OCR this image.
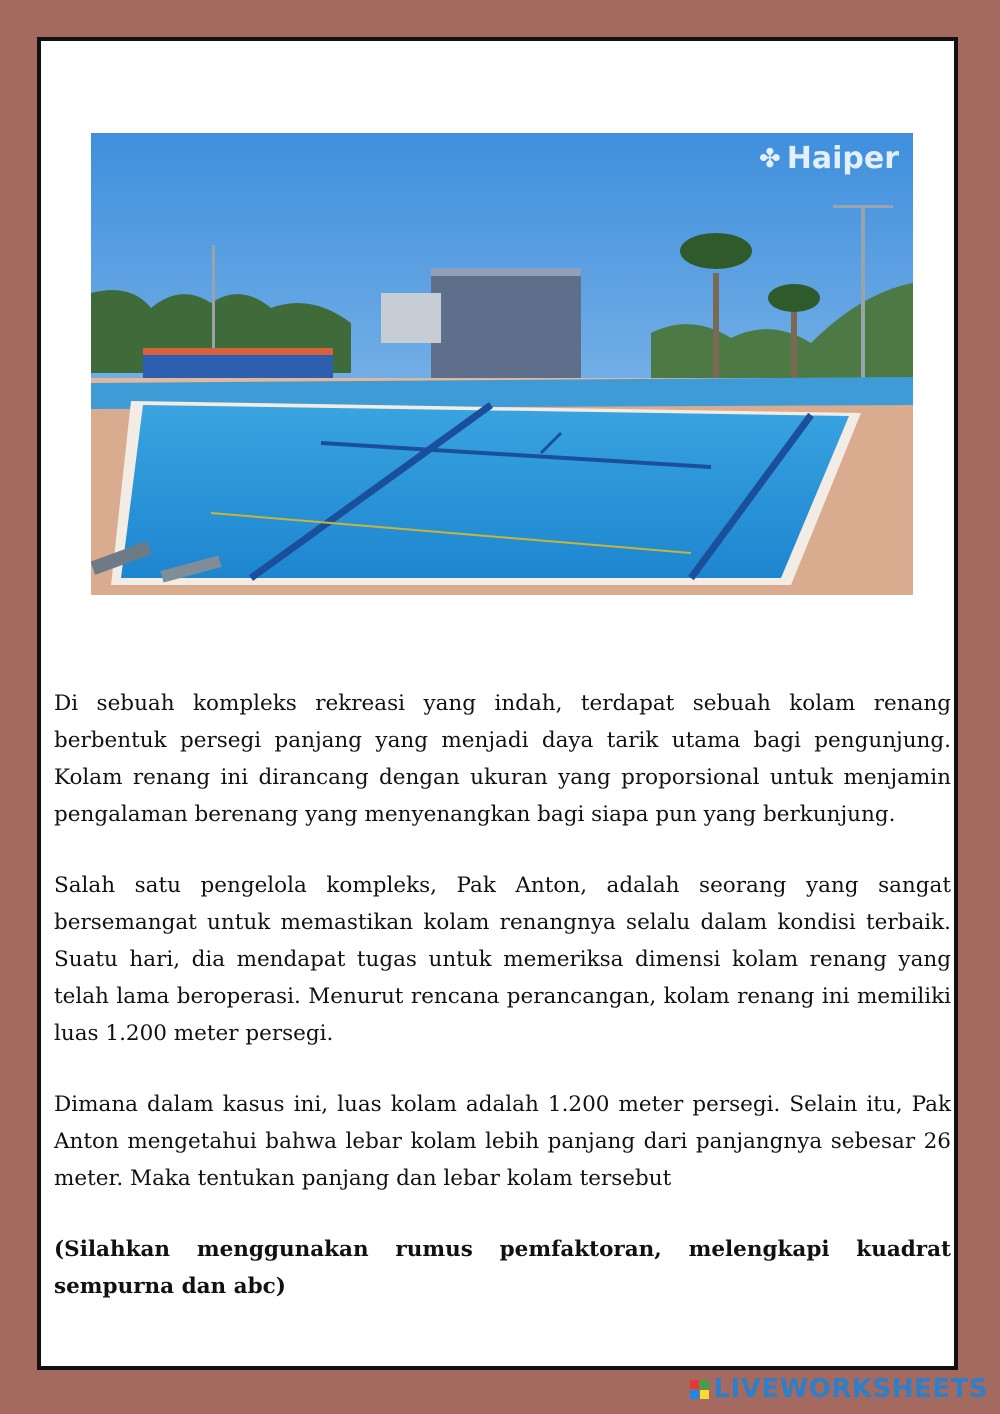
✤ Haiper

Di sebuah kompleks rekreasi yang indah, terdapat sebuah kolam renang berbentuk persegi panjang yang menjadi daya tarik utama bagi pengunjung. Kolam renang ini dirancang dengan ukuran yang proporsional untuk menjamin pengalaman berenang yang menyenangkan bagi siapa pun yang berkunjung.

Salah satu pengelola kompleks, Pak Anton, adalah seorang yang sangat bersemangat untuk memastikan kolam renangnya selalu dalam kondisi terbaik. Suatu hari, dia mendapat tugas untuk memeriksa dimensi kolam renang yang telah lama beroperasi. Menurut rencana perancangan, kolam renang ini memiliki luas 1.200 meter persegi.

Dimana dalam kasus ini, luas kolam adalah 1.200 meter persegi. Selain itu, Pak Anton mengetahui bahwa lebar kolam lebih panjang dari panjangnya sebesar 26 meter. Maka tentukan panjang dan lebar kolam tersebut

(Silahkan menggunakan rumus pemfaktoran, melengkapi kuadrat sempurna dan abc)

LIVEWORKSHEETS
